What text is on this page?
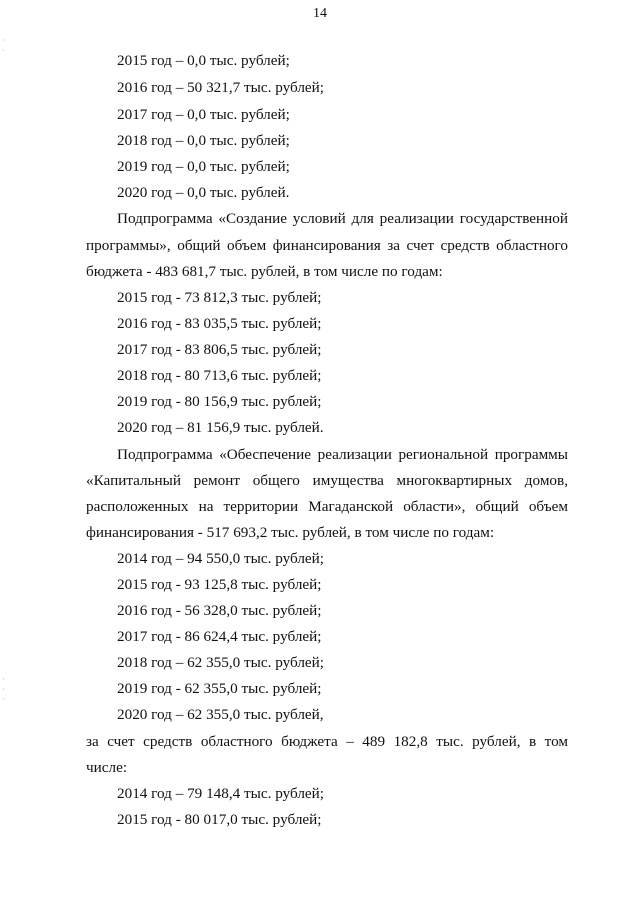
14
2015 год – 0,0 тыс. рублей;
2016 год – 50 321,7 тыс. рублей;
2017 год – 0,0 тыс. рублей;
2018 год – 0,0 тыс. рублей;
2019 год – 0,0 тыс. рублей;
2020 год – 0,0 тыс. рублей.
Подпрограмма «Создание условий для реализации государственной
программы», общий объем финансирования за счет средств областного
бюджета - 483 681,7 тыс. рублей, в том числе по годам:
2015 год - 73 812,3 тыс. рублей;
2016 год - 83 035,5 тыс. рублей;
2017 год - 83 806,5 тыс. рублей;
2018 год - 80 713,6 тыс. рублей;
2019 год - 80 156,9 тыс. рублей;
2020 год – 81 156,9 тыс. рублей.
Подпрограмма «Обеспечение реализации региональной программы
«Капитальный ремонт общего имущества многоквартирных домов,
расположенных на территории Магаданской области», общий объем
финансирования - 517 693,2 тыс. рублей, в том числе по годам:
2014 год – 94 550,0 тыс. рублей;
2015 год - 93 125,8 тыс. рублей;
2016 год - 56 328,0 тыс. рублей;
2017 год - 86 624,4 тыс. рублей;
2018 год – 62 355,0 тыс. рублей;
2019 год - 62 355,0 тыс. рублей;
2020 год – 62 355,0 тыс. рублей,
за счет средств областного бюджета – 489 182,8 тыс. рублей, в том
числе:
2014 год – 79 148,4 тыс. рублей;
2015 год - 80 017,0 тыс. рублей;
·
·
·
·
·
